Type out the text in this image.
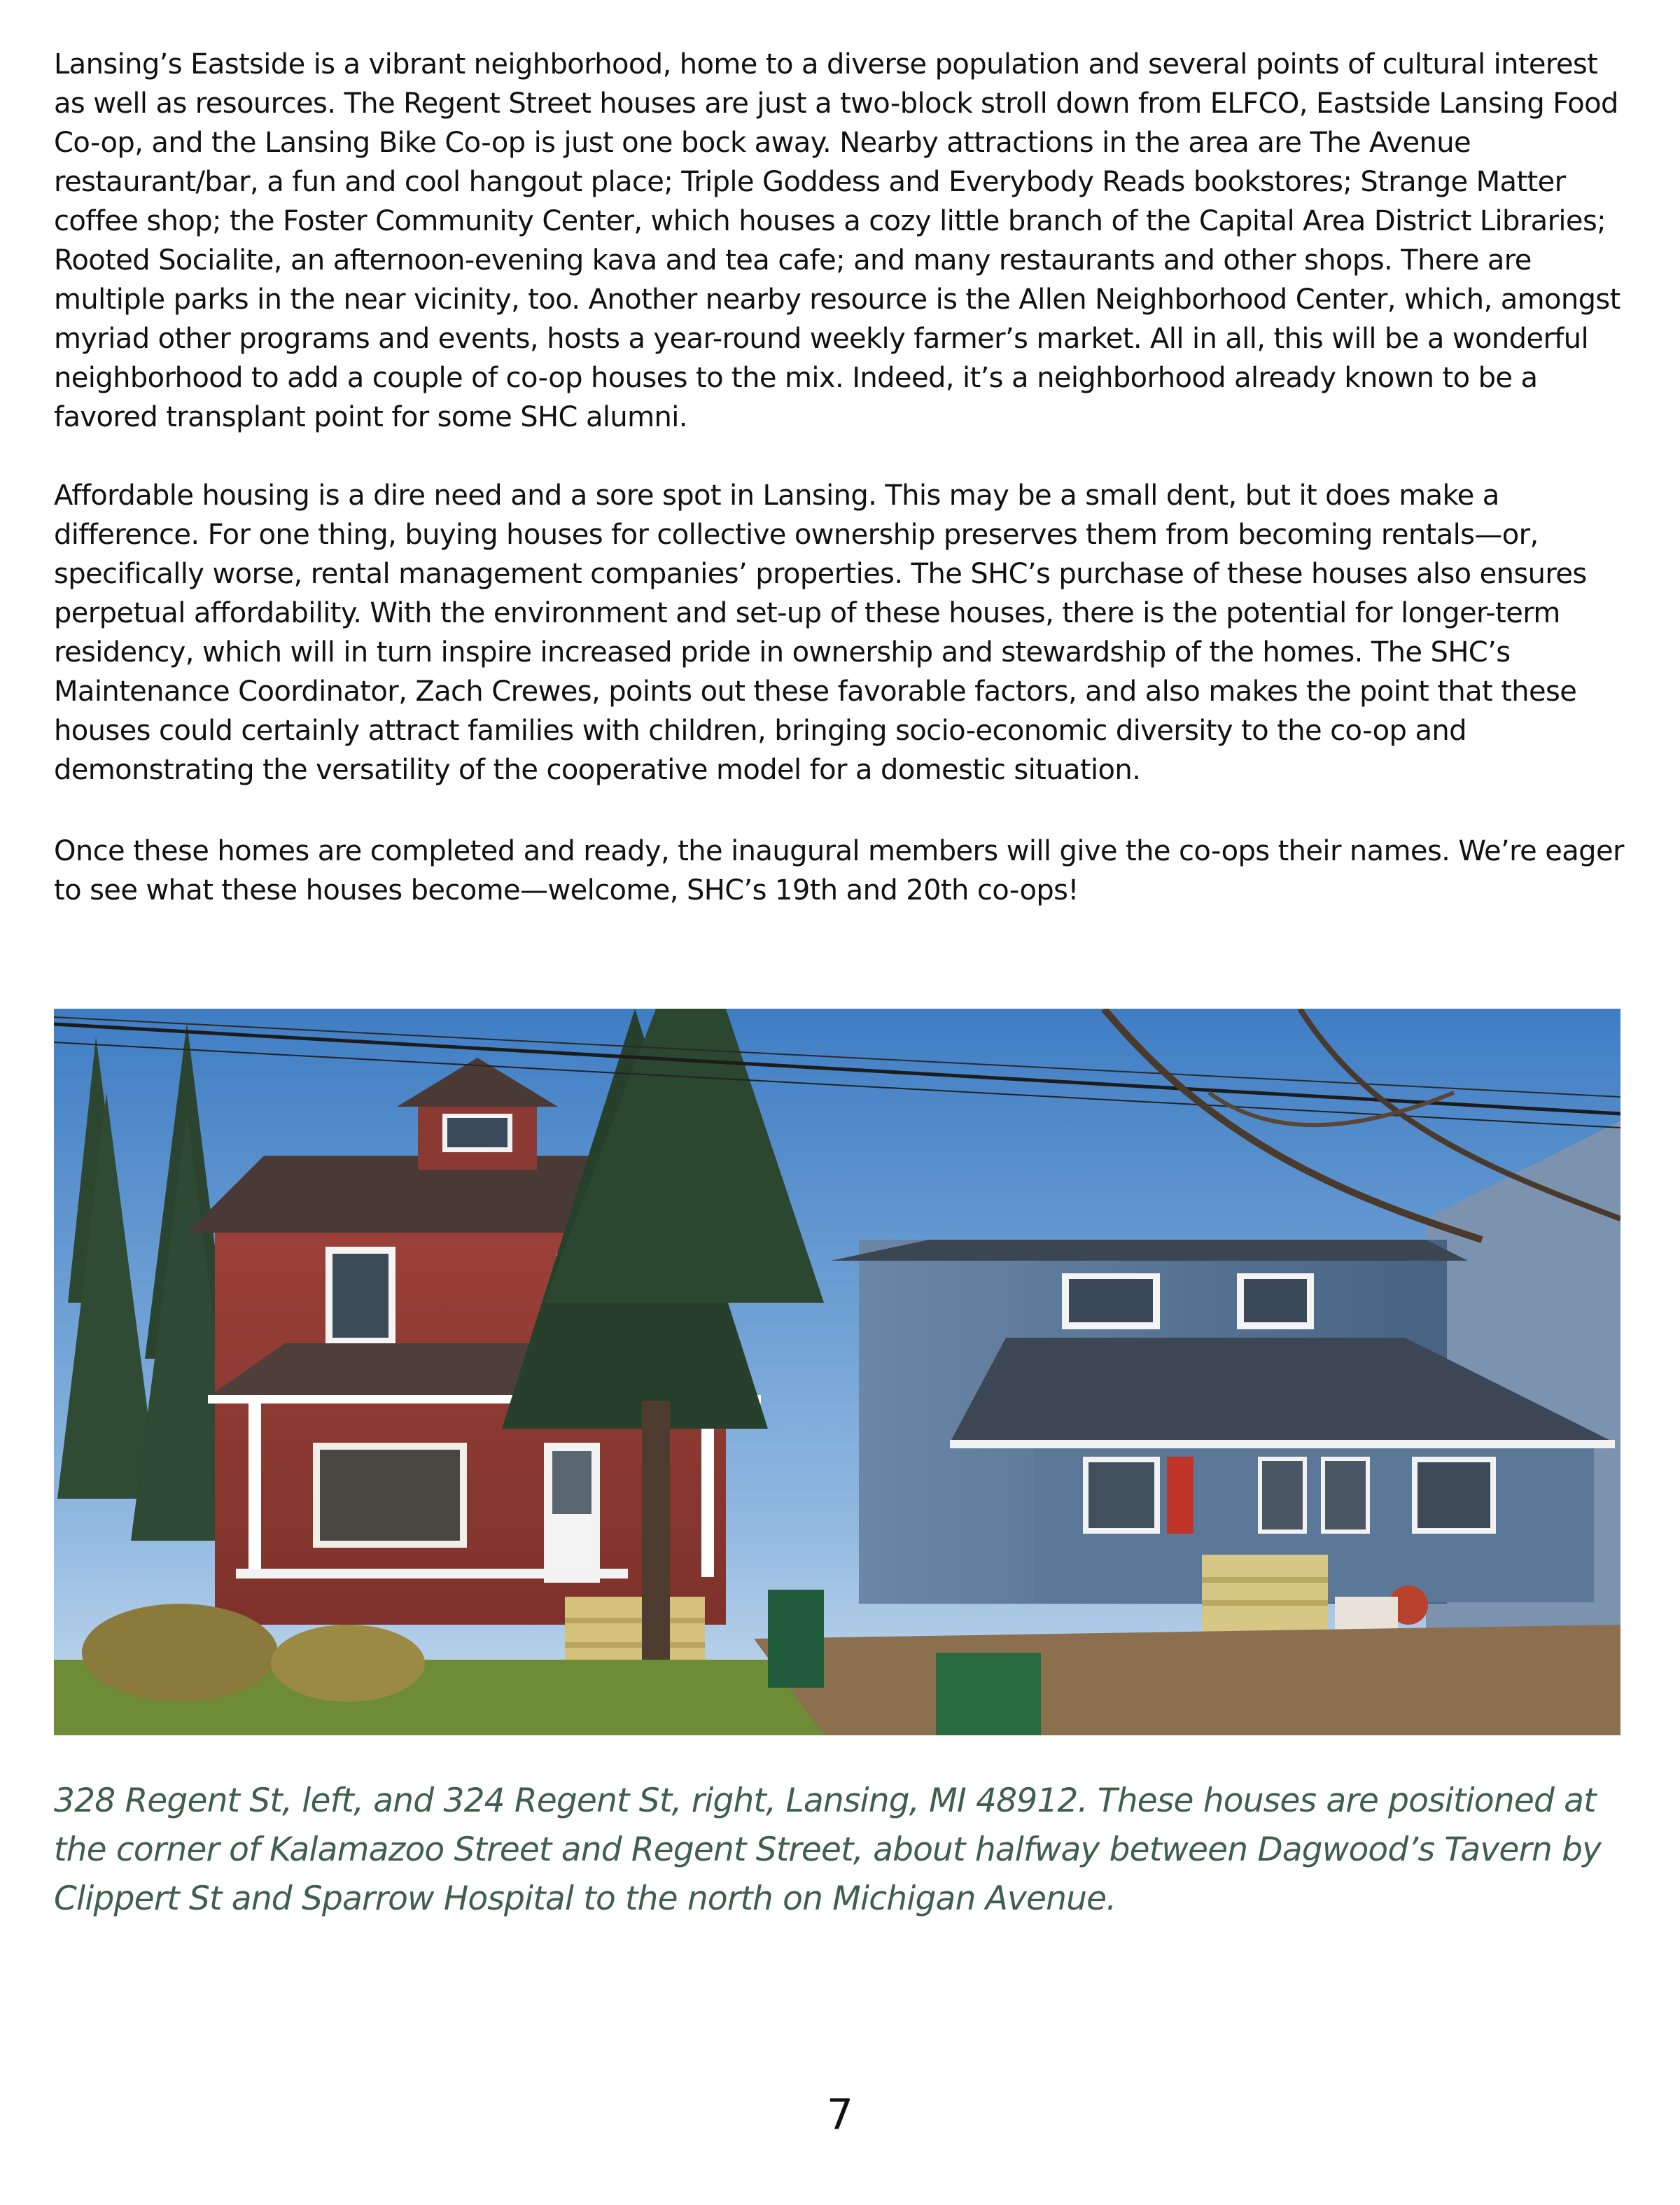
Lansing’s Eastside is a vibrant neighborhood, home to a diverse population and several points of cultural interest as well as resources. The Regent Street houses are just a two-block stroll down from ELFCO, Eastside Lansing Food Co-op, and the Lansing Bike Co-op is just one bock away. Nearby attractions in the area are The Avenue restaurant/bar, a fun and cool hangout place; Triple Goddess and Everybody Reads bookstores; Strange Matter coffee shop; the Foster Community Center, which houses a cozy little branch of the Capital Area District Libraries; Rooted Socialite, an afternoon-evening kava and tea cafe; and many restaurants and other shops. There are multiple parks in the near vicinity, too. Another nearby resource is the Allen Neighborhood Center, which, amongst myriad other programs and events, hosts a year-round weekly farmer’s market. All in all, this will be a wonderful neighborhood to add a couple of co-op houses to the mix. Indeed, it’s a neighborhood already known to be a favored transplant point for some SHC alumni.

Affordable housing is a dire need and a sore spot in Lansing. This may be a small dent, but it does make a difference. For one thing, buying houses for collective ownership preserves them from becoming rentals—or, specifically worse, rental management companies’ properties. The SHC’s purchase of these houses also ensures perpetual affordability. With the environment and set-up of these houses, there is the potential for longer-term residency, which will in turn inspire increased pride in ownership and stewardship of the homes. The SHC’s Maintenance Coordinator, Zach Crewes, points out these favorable factors, and also makes the point that these houses could certainly attract families with children, bringing socio-economic diversity to the co-op and demonstrating the versatility of the cooperative model for a domestic situation.

Once these homes are completed and ready, the inaugural members will give the co-ops their names. We’re eager to see what these houses become—welcome, SHC’s 19th and 20th co-ops!

328 Regent St, left, and 324 Regent St, right, Lansing, MI 48912. These houses are positioned at the corner of Kalamazoo Street and Regent Street, about halfway between Dagwood’s Tavern by Clippert St and Sparrow Hospital to the north on Michigan Avenue.

7
